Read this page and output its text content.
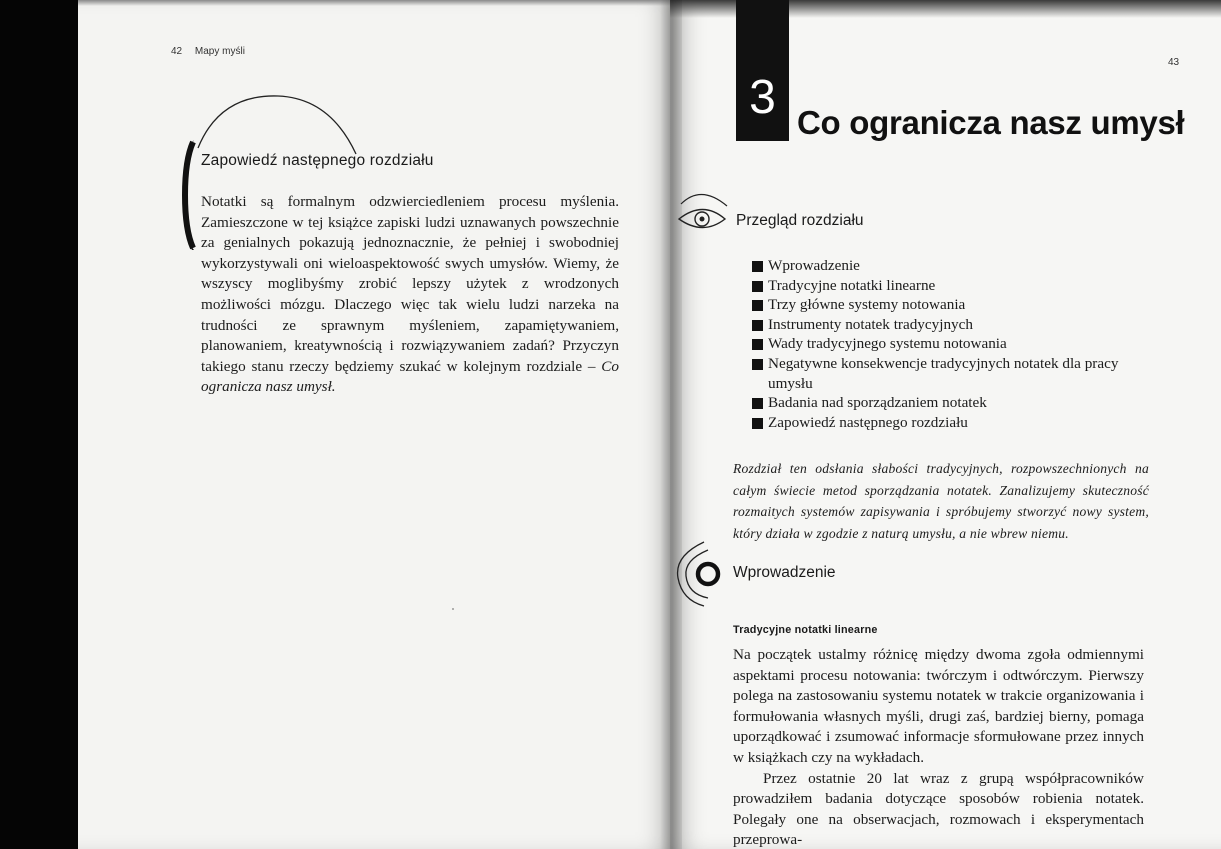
42 Mapy myśli
Zapowiedź następnego rozdziału
Notatki są formalnym odzwierciedleniem procesu myślenia. Zamieszczone w tej książce zapiski ludzi uznawanych powszechnie za genialnych pokazują jednoznacznie, że pełniej i swobodniej wykorzystywali oni wieloaspektowość swych umysłów. Wiemy, że wszyscy moglibyśmy zrobić lepszy użytek z wrodzonych możliwości mózgu. Dlaczego więc tak wielu ludzi narzeka na trudności ze sprawnym myśleniem, zapamiętywaniem, planowaniem, kreatywnością i rozwiązywaniem zadań? Przyczyn takiego stanu rzeczy będziemy szukać w kolejnym rozdziale – Co ogranicza nasz umysł.
43
3 Co ogranicza nasz umysł
Przegląd rozdziału
Wprowadzenie
Tradycyjne notatki linearne
Trzy główne systemy notowania
Instrumenty notatek tradycyjnych
Wady tradycyjnego systemu notowania
Negatywne konsekwencje tradycyjnych notatek dla pracy umysłu
Badania nad sporządzaniem notatek
Zapowiedź następnego rozdziału
Rozdział ten odsłania słabości tradycyjnych, rozpowszechnionych na całym świecie metod sporządzania notatek. Zanalizujemy skuteczność rozmaitych systemów zapisywania i spróbujemy stworzyć nowy system, który działa w zgodzie z naturą umysłu, a nie wbrew niemu.
Wprowadzenie
Tradycyjne notatki linearne

Na początek ustalmy różnicę między dwoma zgoła odmiennymi aspektami procesu notowania: twórczym i odtwórczym. Pierwszy polega na zastosowaniu systemu notatek w trakcie organizowania i formułowania własnych myśli, drugi zaś, bardziej bierny, pomaga uporządkować i zsumować informacje sformułowane przez innych w książkach czy na wykładach.

Przez ostatnie 20 lat wraz z grupą współpracowników prowadziłem badania dotyczące sposobów robienia notatek. Polegały one na obserwacjach, rozmowach i eksperymentach przeprowa-
